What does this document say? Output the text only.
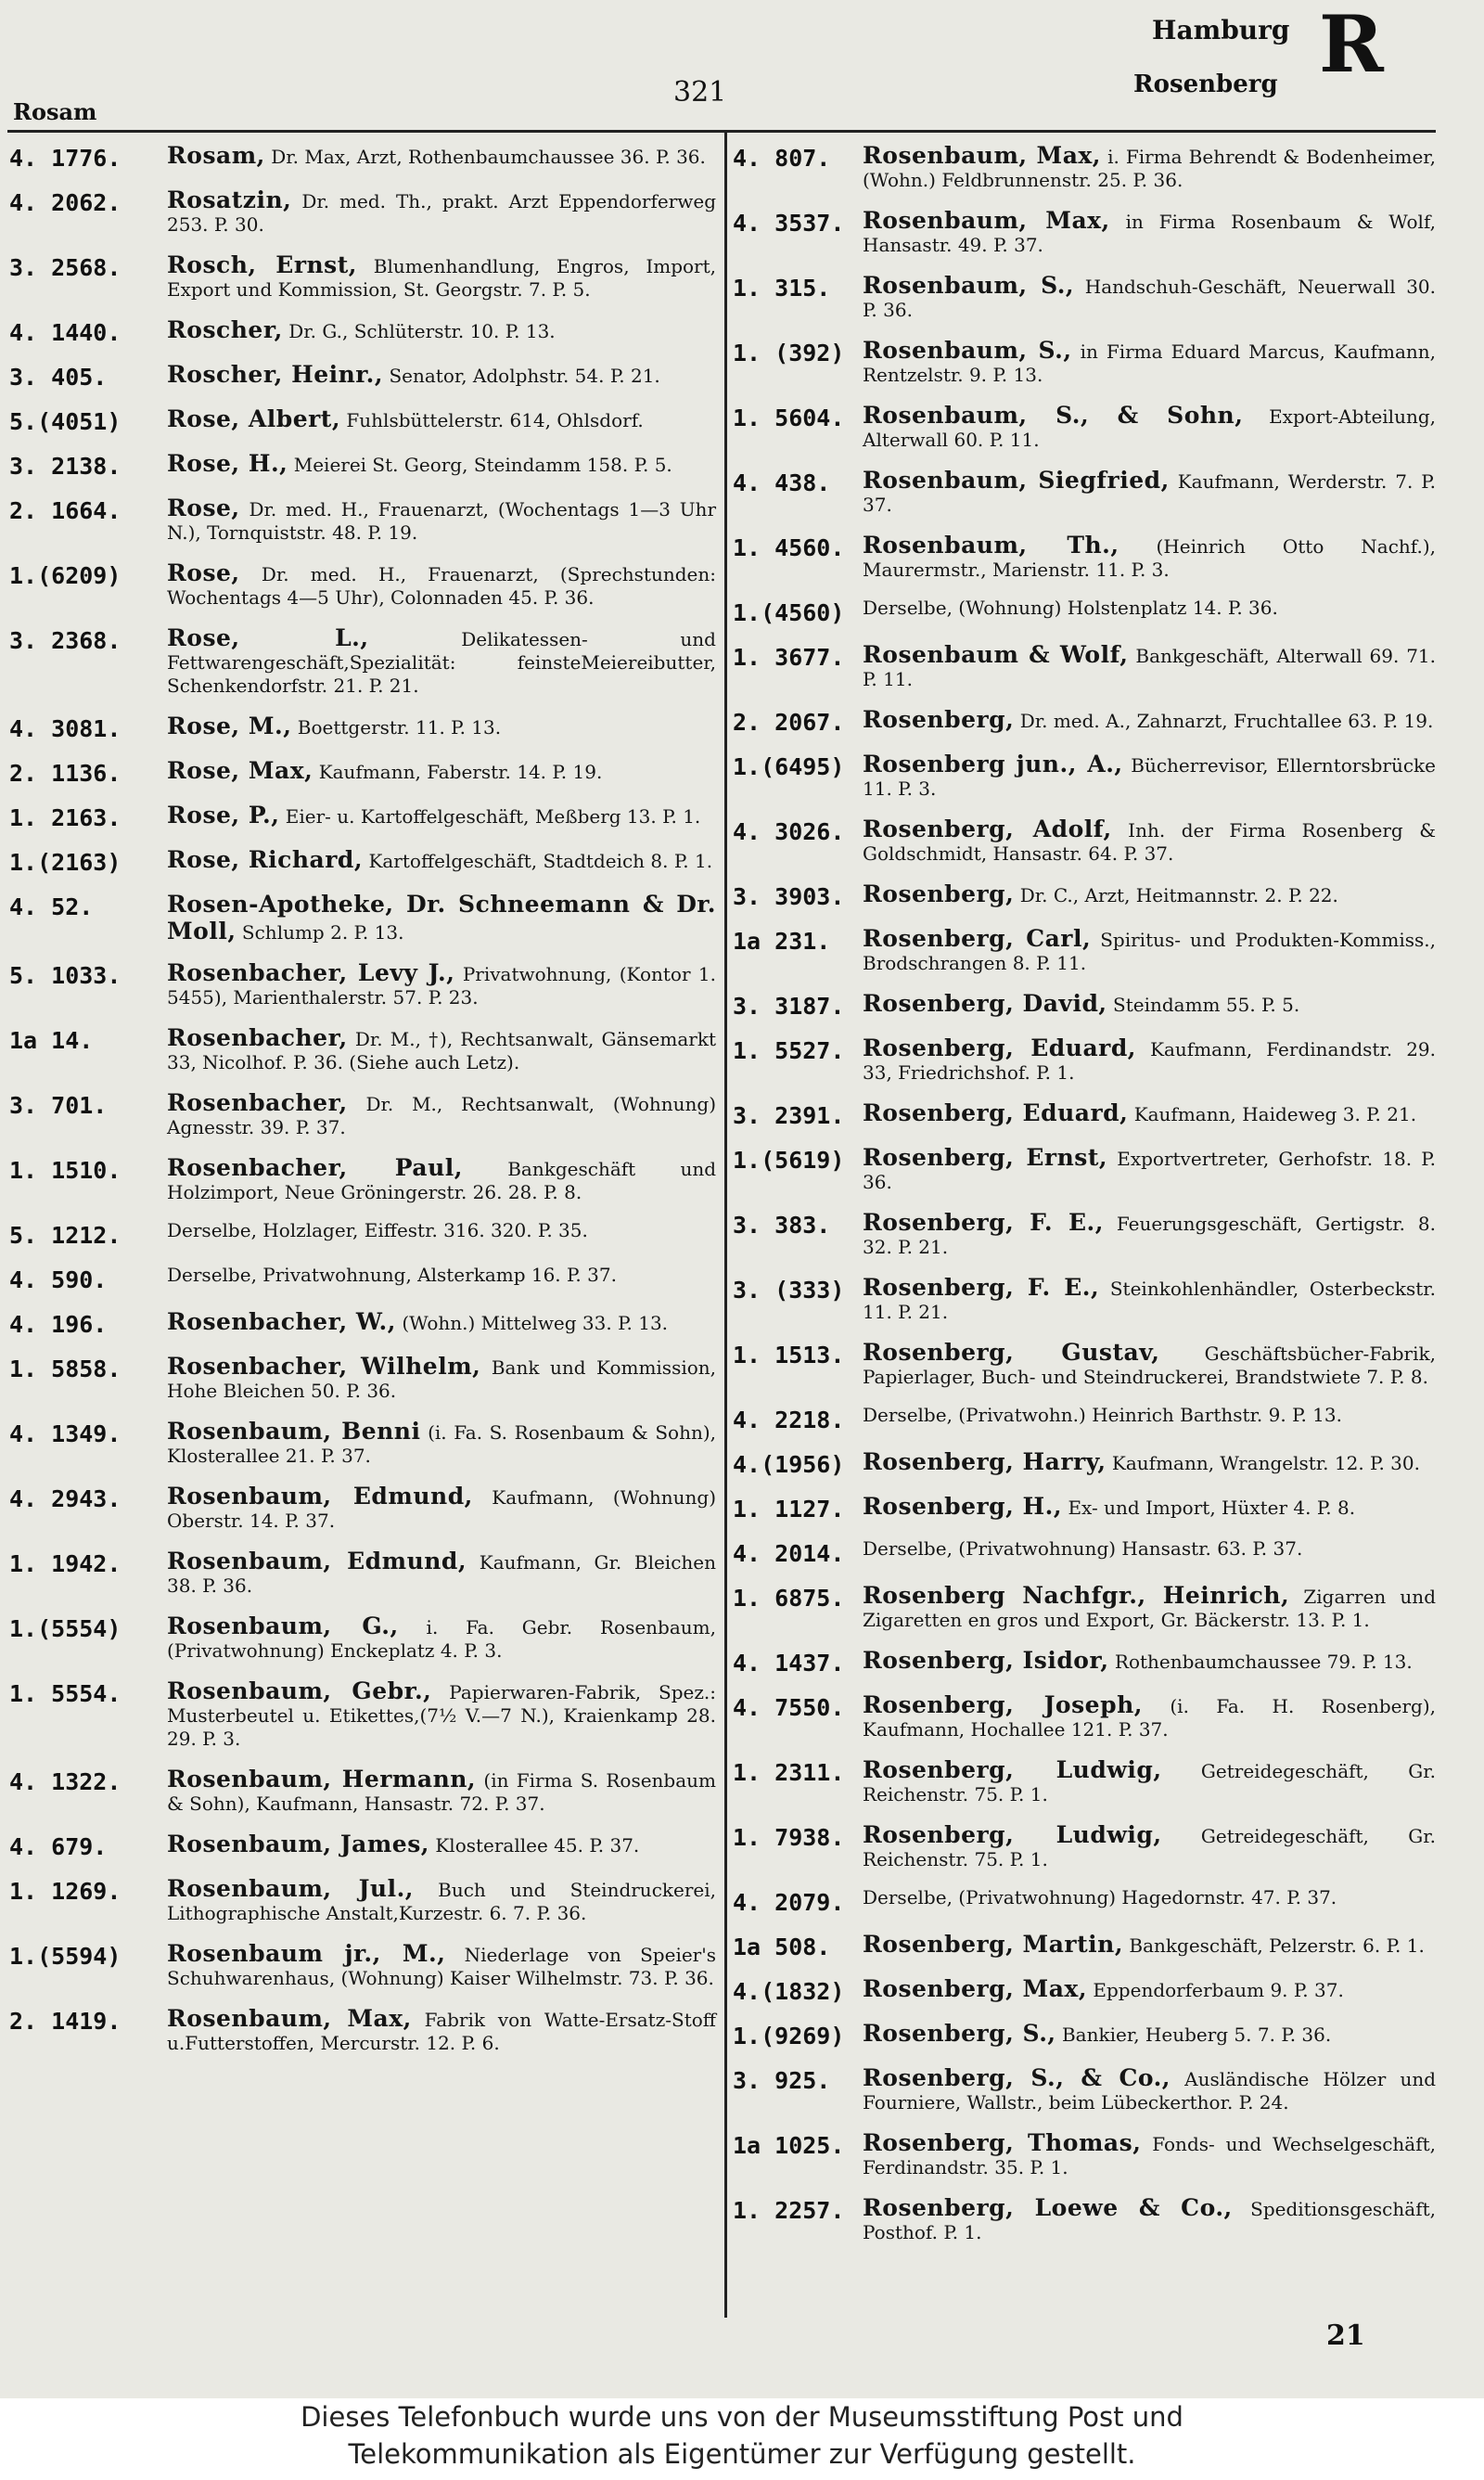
Rosam
321
Hamburg R
Rosenberg
4. 1776.	Rosam, Dr. Max, Arzt, Rothenbaumchaussee 36. P. 36.
4. 2062.	Rosatzin, Dr. med. Th., prakt. Arzt Eppendorferweg 253. P. 30.
3. 2568.	Rosch, Ernst, Blumenhandlung, Engros, Import, Export und Kommission, St. Georgstr. 7. P. 5.
4. 1440.	Roscher, Dr. G., Schlüterstr. 10. P. 13.
3. 405.	Roscher, Heinr., Senator, Adolphstr. 54. P. 21.
5.(4051)	Rose, Albert, Fuhlsbüttelerstr. 614, Ohlsdorf.
3. 2138.	Rose, H., Meierei St. Georg, Steindamm 158. P. 5.
2. 1664.	Rose, Dr. med. H., Frauenarzt, (Wochentags 1—3 Uhr N.), Tornquiststr. 48. P. 19.
1.(6209)	Rose, Dr. med. H., Frauenarzt, (Sprechstunden: Wochentags 4—5 Uhr), Colonnaden 45. P. 36.
3. 2368.	Rose, L.,	Delikatessen- und Fettwarengeschäft,Spezialität: feinsteMeiereibutter, Schenkendorfstr. 21. P. 21.
4. 3081.	Rose, M., Boettgerstr. 11. P. 13.
2. 1136.	Rose, Max, Kaufmann, Faberstr. 14. P. 19.
1. 2163.	Rose, P., Eier- u. Kartoffelgeschäft, Meßberg 13. P. 1.
1.(2163)	Rose, Richard, Kartoffelgeschäft, Stadtdeich 8. P. 1.
4. 52.	Rosen-Apotheke, Dr. Schneemann & Dr. Moll, Schlump 2. P. 13.
5. 1033.	Rosenbacher, Levy J., Privatwohnung, (Kontor 1. 5455), Marienthalerstr. 57. P. 23.
1a 14.	Rosenbacher, Dr. M., †), Rechtsanwalt, Gänsemarkt 33, Nicolhof. P. 36. (Siehe auch Letz).
3. 701.	Rosenbacher, Dr. M., Rechtsanwalt, (Wohnung) Agnesstr. 39. P. 37.
1. 1510.	Rosenbacher, Paul, Bankgeschäft und Holzimport, Neue Gröningerstr. 26. 28. P. 8.
5. 1212.	Derselbe, Holzlager, Eiffestr. 316. 320. P. 35.
4. 590.	Derselbe, Privatwohnung, Alsterkamp 16. P. 37.
4. 196.	Rosenbacher, W., (Wohn.) Mittelweg 33. P. 13.
1. 5858.	Rosenbacher, Wilhelm, Bank und Kommission, Hohe Bleichen 50. P. 36.
4. 1349.	Rosenbaum, Benni (i. Fa. S. Rosenbaum & Sohn), Klosterallee 21. P. 37.
4. 2943.	Rosenbaum, Edmund, Kaufmann, (Wohnung) Oberstr. 14. P. 37.
1. 1942.	Rosenbaum, Edmund, Kaufmann, Gr. Bleichen 38. P. 36.
1.(5554)	Rosenbaum, G., i. Fa. Gebr. Rosenbaum, (Privatwohnung) Enckeplatz 4. P. 3.
1. 5554.	Rosenbaum, Gebr., Papierwaren-Fabrik, Spez.: Musterbeutel u. Etikettes,(7½ V.—7 N.), Kraienkamp 28. 29. P. 3.
4. 1322.	Rosenbaum, Hermann, (in Firma S. Rosenbaum & Sohn), Kaufmann, Hansastr. 72. P. 37.
4. 679.	Rosenbaum, James, Klosterallee 45. P. 37.
1. 1269.	Rosenbaum, Jul., Buch und Steindruckerei, Lithographische Anstalt,Kurzestr. 6. 7. P. 36.
1.(5594)	Rosenbaum jr., M., Niederlage von Speier's Schuhwarenhaus, (Wohnung) Kaiser Wilhelmstr. 73. P. 36.
2. 1419.	Rosenbaum, Max, Fabrik von Watte-Ersatz-Stoff u.Futterstoffen, Mercurstr. 12. P. 6.
4. 807.	Rosenbaum, Max, i. Firma Behrendt & Bodenheimer, (Wohn.) Feldbrunnenstr. 25. P. 36.
4. 3537. Rosenbaum, Max, in Firma Rosenbaum & Wolf, Hansastr. 49. P. 37.
1. 315.	Rosenbaum, S., Handschuh-Geschäft, Neuerwall 30. P. 36.
1. (392) Rosenbaum, S., in Firma Eduard Marcus, Kaufmann, Rentzelstr. 9. P. 13.
1. 5604. Rosenbaum, S., & Sohn, Export-Abteilung, Alterwall 60. P. 11.
4. 438.	Rosenbaum, Siegfried, Kaufmann, Werderstr. 7. P. 37.
1. 4560. Rosenbaum, Th., (Heinrich Otto Nachf.), Maurermstr., Marienstr. 11. P. 3.
1.(4560) Derselbe, (Wohnung) Holstenplatz 14. P. 36.
1. 3677. Rosenbaum & Wolf, Bankgeschäft, Alterwall 69. 71. P. 11.
2. 2067. Rosenberg, Dr. med. A., Zahnarzt, Fruchtallee 63. P. 19.
1.(6495) Rosenberg jun., A., Bücherrevisor, Ellerntorsbrücke 11. P. 3.
4. 3026. Rosenberg, Adolf, Inh. der Firma Rosenberg & Goldschmidt, Hansastr. 64. P. 37.
3. 3903. Rosenberg, Dr. C., Arzt, Heitmannstr. 2. P. 22.
1a 231.	Rosenberg, Carl, Spiritus- und Produkten-Kommiss., Brodschrangen 8. P. 11.
3. 3187. Rosenberg, David, Steindamm 55. P. 5.
1. 5527. Rosenberg, Eduard, Kaufmann, Ferdinandstr. 29. 33, Friedrichshof. P. 1.
3. 2391. Rosenberg, Eduard, Kaufmann, Haideweg 3. P. 21.
1.(5619) Rosenberg, Ernst, Exportvertreter, Gerhofstr. 18. P. 36.
3. 383.	Rosenberg, F. E., Feuerungsgeschäft, Gertigstr. 8. 32. P. 21.
3. (333) Rosenberg, F. E., Steinkohlenhändler, Osterbeckstr. 11. P. 21.
1. 1513. Rosenberg, Gustav, Geschäftsbücher-Fabrik, Papierlager, Buch- und Steindruckerei, Brandstwiete 7. P. 8.
4. 2218. Derselbe, (Privatwohn.) Heinrich Barthstr. 9. P. 13.
4.(1956) Rosenberg, Harry, Kaufmann, Wrangelstr. 12. P. 30.
1. 1127. Rosenberg, H., Ex- und Import, Hüxter 4. P. 8.
4. 2014. Derselbe, (Privatwohnung) Hansastr. 63. P. 37.
1. 6875. Rosenberg Nachfgr., Heinrich, Zigarren und Zigaretten en gros und Export, Gr. Bäckerstr. 13. P. 1.
4. 1437. Rosenberg, Isidor, Rothenbaumchaussee 79. P. 13.
4. 7550. Rosenberg, Joseph, (i. Fa. H. Rosenberg), Kaufmann, Hochallee 121. P. 37.
1. 2311. Rosenberg, Ludwig, Getreidegeschäft, Gr. Reichenstr. 75. P. 1.
1. 7938. Rosenberg, Ludwig, Getreidegeschäft, Gr. Reichenstr. 75. P. 1.
4. 2079. Derselbe, (Privatwohnung) Hagedornstr. 47. P. 37.
1a 508.	Rosenberg, Martin, Bankgeschäft, Pelzerstr. 6. P. 1.
4.(1832) Rosenberg, Max, Eppendorferbaum 9. P. 37.
1.(9269) Rosenberg, S., Bankier, Heuberg 5. 7. P. 36.
3. 925.	Rosenberg, S., & Co., Ausländische Hölzer und Fourniere, Wallstr., beim Lübeckerthor. P. 24.
1a 1025. Rosenberg, Thomas, Fonds- und Wechselgeschäft, Ferdinandstr. 35. P. 1.
1. 2257. Rosenberg, Loewe & Co., Speditionsgeschäft, Posthof. P. 1.
21
Dieses Telefonbuch wurde uns von der Museumsstiftung Post und
Telekommunikation als Eigentümer zur Verfügung gestellt.
